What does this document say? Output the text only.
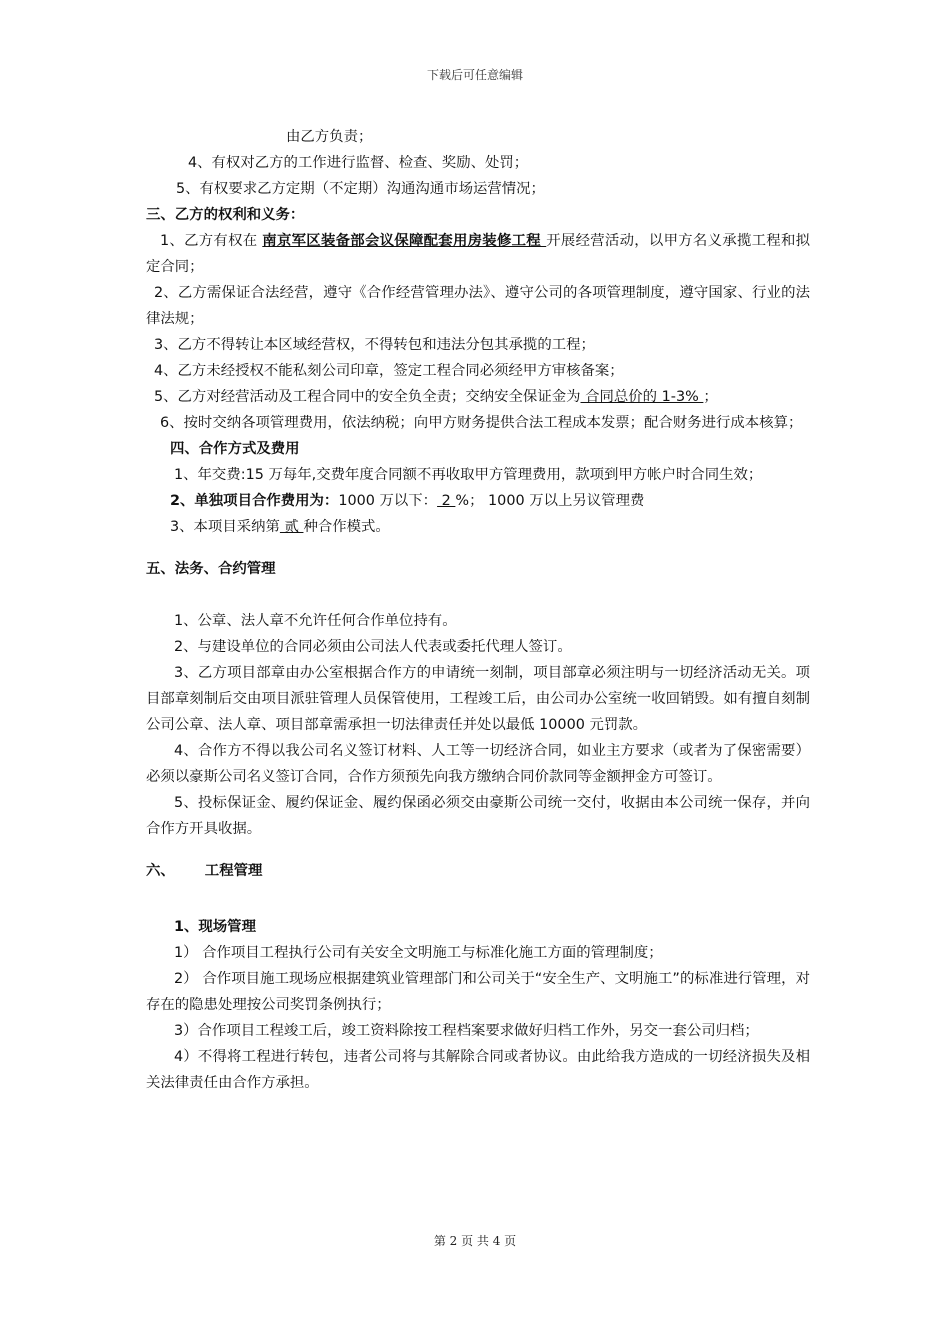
下载后可任意编辑

由乙方负责；

4、有权对乙方的工作进行监督、检查、奖励、处罚；

5、有权要求乙方定期（不定期）沟通沟通市场运营情况；

三、乙方的权利和义务：

1、乙方有权在 南京军区装备部会议保障配套用房装修工程 开展经营活动，以甲方名义承揽工程和拟定合同；

2、乙方需保证合法经营，遵守《合作经营管理办法》、遵守公司的各项管理制度，遵守国家、行业的法律法规；

3、乙方不得转让本区域经营权，不得转包和违法分包其承揽的工程；

4、乙方未经授权不能私刻公司印章，签定工程合同必须经甲方审核备案；

5、乙方对经营活动及工程合同中的安全负全责；交纳安全保证金为 合同总价的 1-3% ；

6、按时交纳各项管理费用，依法纳税；向甲方财务提供合法工程成本发票；配合财务进行成本核算；

四、合作方式及费用

1、年交费:15 万每年,交费年度合同额不再收取甲方管理费用，款项到甲方帐户时合同生效；

2、单独项目合作费用为：1000 万以下： 2 %； 1000 万以上另议管理费

3、本项目采纳第 贰 种合作模式。

五、法务、合约管理

1、公章、法人章不允许任何合作单位持有。

2、与建设单位的合同必须由公司法人代表或委托代理人签订。

3、乙方项目部章由办公室根据合作方的申请统一刻制，项目部章必须注明与一切经济活动无关。项目部章刻制后交由项目派驻管理人员保管使用，工程竣工后，由公司办公室统一收回销毁。如有擅自刻制公司公章、法人章、项目部章需承担一切法律责任并处以最低 10000 元罚款。

4、合作方不得以我公司名义签订材料、人工等一切经济合同，如业主方要求（或者为了保密需要）必须以豪斯公司名义签订合同，合作方须预先向我方缴纳合同价款同等金额押金方可签订。

5、投标保证金、履约保证金、履约保函必须交由豪斯公司统一交付，收据由本公司统一保存，并向合作方开具收据。

六、 工程管理

1、现场管理

1） 合作项目工程执行公司有关安全文明施工与标准化施工方面的管理制度；

2） 合作项目施工现场应根据建筑业管理部门和公司关于“安全生产、文明施工”的标准进行管理，对存在的隐患处理按公司奖罚条例执行；

3）合作项目工程竣工后，竣工资料除按工程档案要求做好归档工作外，另交一套公司归档；

4）不得将工程进行转包，违者公司将与其解除合同或者协议。由此给我方造成的一切经济损失及相关法律责任由合作方承担。

第 2 页 共 4 页
